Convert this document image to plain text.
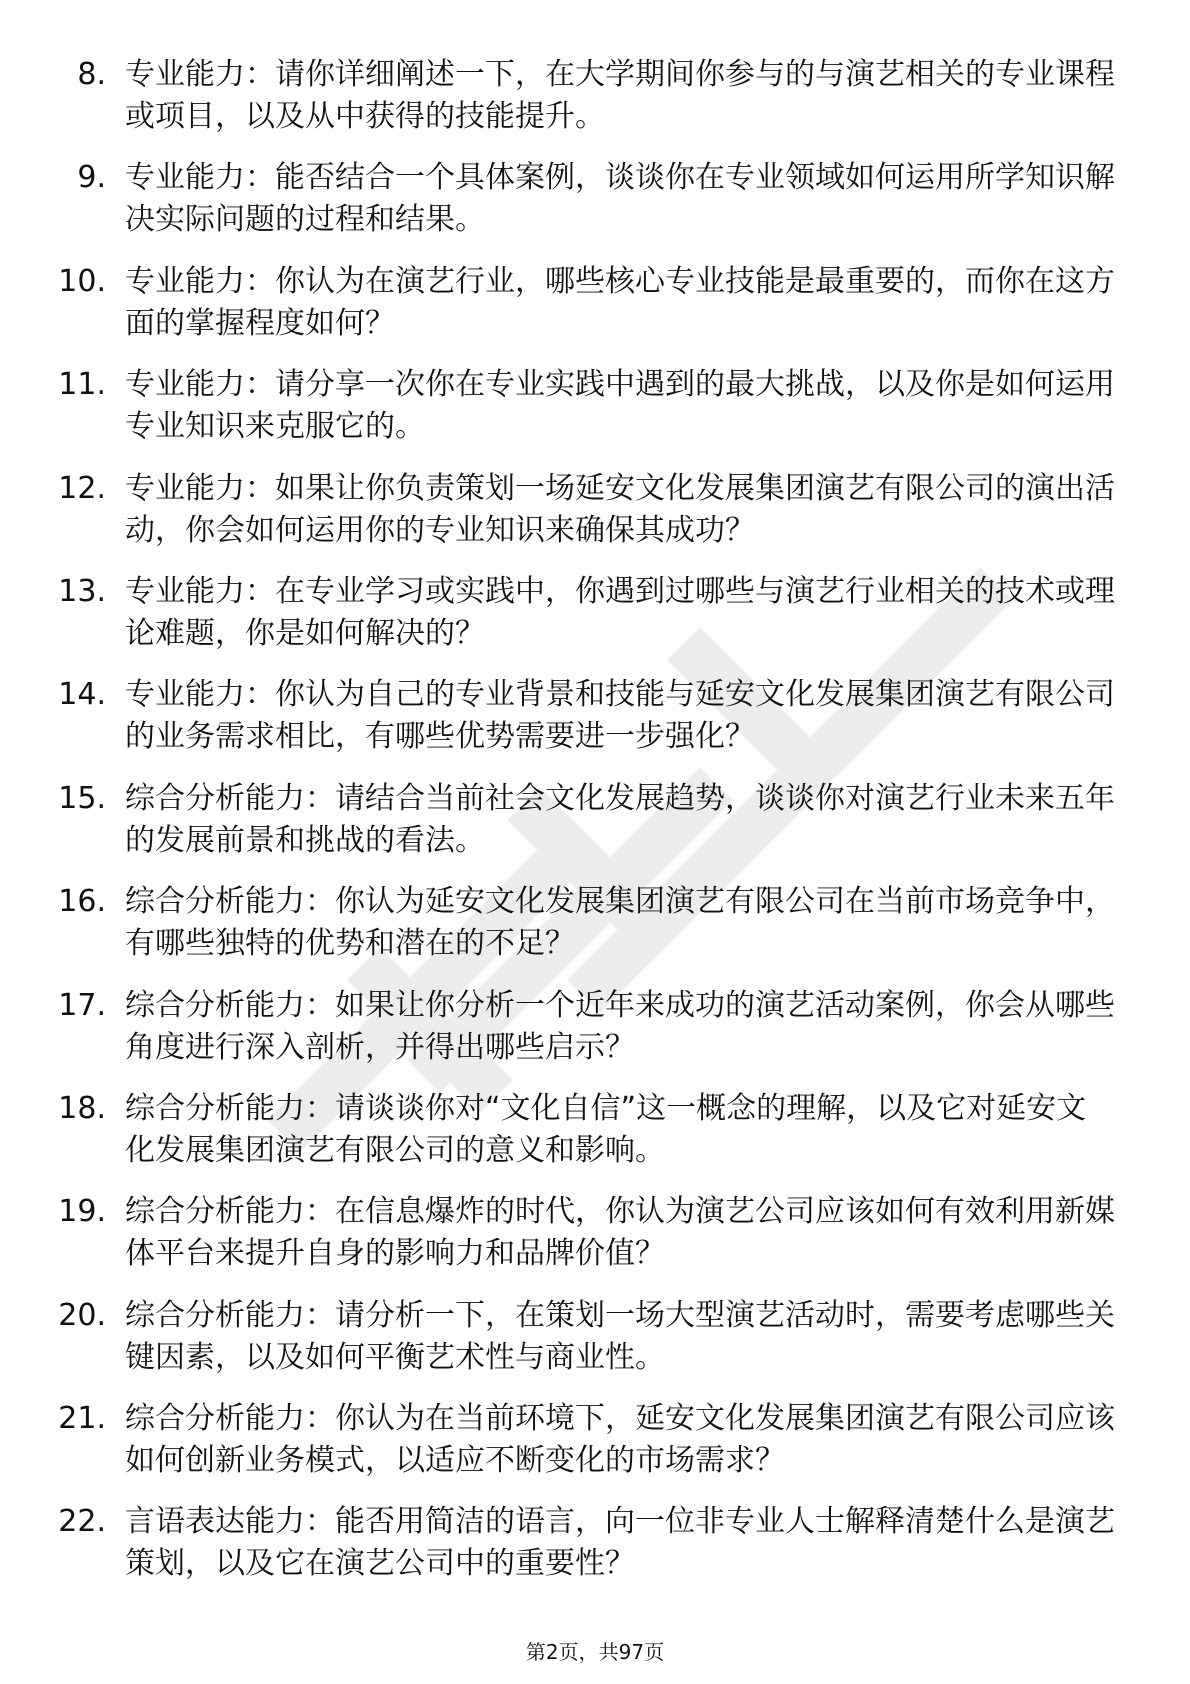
8. 专业能力：请你详细阐述一下，在大学期间你参与的与演艺相关的专业课程或项目，以及从中获得的技能提升。

9. 专业能力：能否结合一个具体案例，谈谈你在专业领域如何运用所学知识解决实际问题的过程和结果。

10. 专业能力：你认为在演艺行业，哪些核心专业技能是最重要的，而你在这方面的掌握程度如何？

11. 专业能力：请分享一次你在专业实践中遇到的最大挑战，以及你是如何运用专业知识来克服它的。

12. 专业能力：如果让你负责策划一场延安文化发展集团演艺有限公司的演出活动，你会如何运用你的专业知识来确保其成功？

13. 专业能力：在专业学习或实践中，你遇到过哪些与演艺行业相关的技术或理论难题，你是如何解决的？

14. 专业能力：你认为自己的专业背景和技能与延安文化发展集团演艺有限公司的业务需求相比，有哪些优势需要进一步强化？

15. 综合分析能力：请结合当前社会文化发展趋势，谈谈你对演艺行业未来五年的发展前景和挑战的看法。

16. 综合分析能力：你认为延安文化发展集团演艺有限公司在当前市场竞争中，有哪些独特的优势和潜在的不足？

17. 综合分析能力：如果让你分析一个近年来成功的演艺活动案例，你会从哪些角度进行深入剖析，并得出哪些启示？

18. 综合分析能力：请谈谈你对“文化自信”这一概念的理解，以及它对延安文化发展集团演艺有限公司的意义和影响。

19. 综合分析能力：在信息爆炸的时代，你认为演艺公司应该如何有效利用新媒体平台来提升自身的影响力和品牌价值？

20. 综合分析能力：请分析一下，在策划一场大型演艺活动时，需要考虑哪些关键因素，以及如何平衡艺术性与商业性。

21. 综合分析能力：你认为在当前环境下，延安文化发展集团演艺有限公司应该如何创新业务模式，以适应不断变化的市场需求？

22. 言语表达能力：能否用简洁的语言，向一位非专业人士解释清楚什么是演艺策划，以及它在演艺公司中的重要性？

第2页，共97页
